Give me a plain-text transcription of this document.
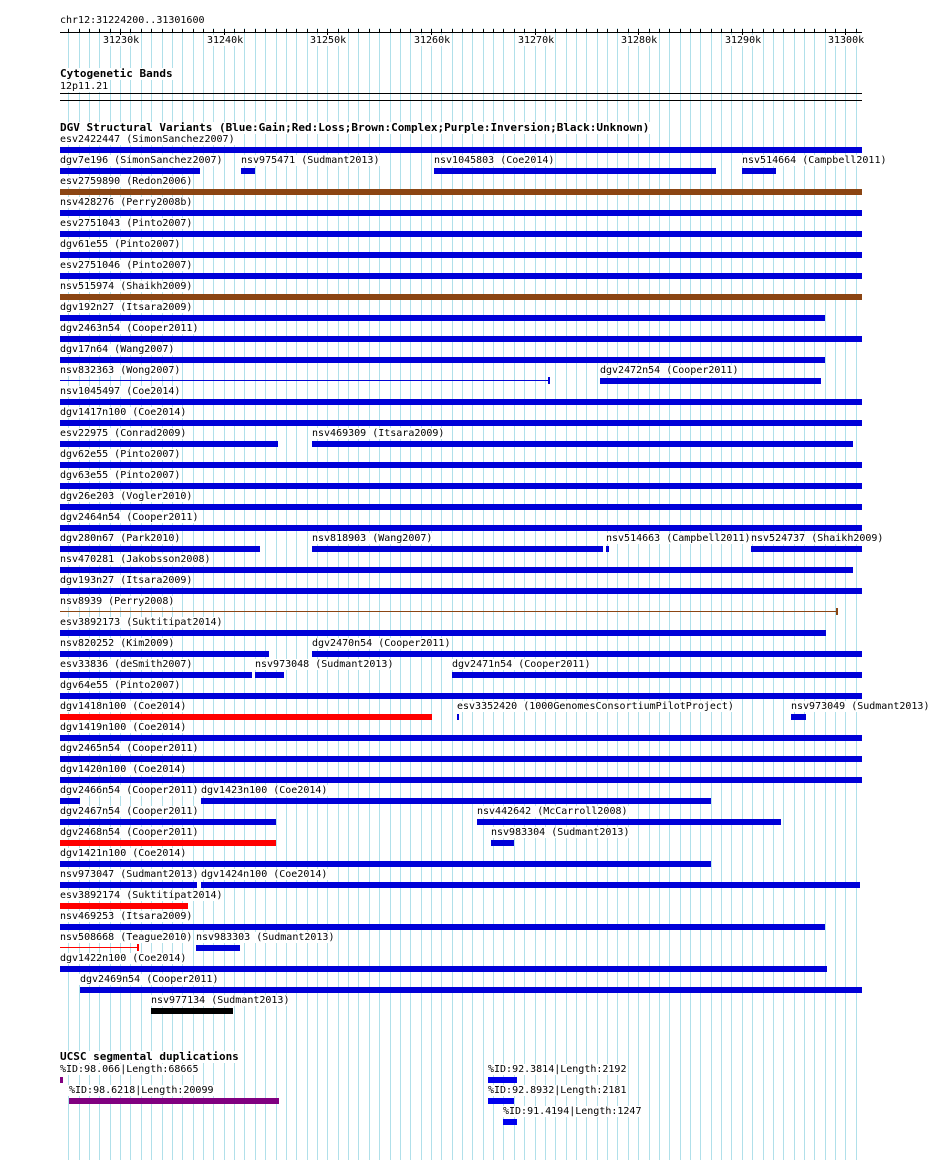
chr12:31224200..31301600
31230k	31240k	31250k	31260k	31270k	31280k	31290k	31300k
Cytogenetic Bands
12p11.21
DGV Structural Variants (Blue:Gain;Red:Loss;Brown:Complex;Purple:Inversion;Black:Unknown)
esv2422447 (SimonSanchez2007)
dgv7e196 (SimonSanchez2007) nsv975471 (Sudmant2013)	nsv1045803 (Coe2014)	nsv514664 (Campbell2011)
esv2759890 (Redon2006)
nsv428276 (Perry2008b)
esv2751043 (Pinto2007)
dgv61e55 (Pinto2007)
esv2751046 (Pinto2007)
nsv515974 (Shaikh2009)
dgv192n27 (Itsara2009)
dgv2463n54 (Cooper2011)
dgv17n64 (Wang2007)
nsv832363 (Wong2007)	dgv2472n54 (Cooper2011)
nsv1045497 (Coe2014)
dgv1417n100 (Coe2014)
esv22975 (Conrad2009)	nsv469309 (Itsara2009)
dgv62e55 (Pinto2007)
dgv63e55 (Pinto2007)
dgv26e203 (Vogler2010)
dgv2464n54 (Cooper2011)
dgv280n67 (Park2010)	nsv818903 (Wang2007)	nsv514663 (Campbell2011) nsv524737 (Shaikh2009)
nsv470281 (Jakobsson2008)
dgv193n27 (Itsara2009)
nsv8939 (Perry2008)
esv3892173 (Suktitipat2014)
nsv820252 (Kim2009)	dgv2470n54 (Cooper2011)
esv33836 (deSmith2007)	nsv973048 (Sudmant2013)	dgv2471n54 (Cooper2011)
dgv64e55 (Pinto2007)
dgv1418n100 (Coe2014)	esv3352420 (1000GenomesConsortiumPilotProject)	nsv973049 (Sudmant2013)
dgv1419n100 (Coe2014)
dgv2465n54 (Cooper2011)
dgv1420n100 (Coe2014)
dgv2466n54 (Cooper2011) dgv1423n100 (Coe2014)
dgv2467n54 (Cooper2011)	nsv442642 (McCarroll2008)
dgv2468n54 (Cooper2011)	nsv983304 (Sudmant2013)
dgv1421n100 (Coe2014)
nsv973047 (Sudmant2013) dgv1424n100 (Coe2014)
esv3892174 (Suktitipat2014)
nsv469253 (Itsara2009)
nsv508668 (Teague2010) nsv983303 (Sudmant2013)
dgv1422n100 (Coe2014)
dgv2469n54 (Cooper2011)
nsv977134 (Sudmant2013)
UCSC segmental duplications
%ID:98.066|Length:68665	%ID:92.3814|Length:2192
%ID:98.6218|Length:20099	%ID:92.8932|Length:2181
%ID:91.4194|Length:1247
